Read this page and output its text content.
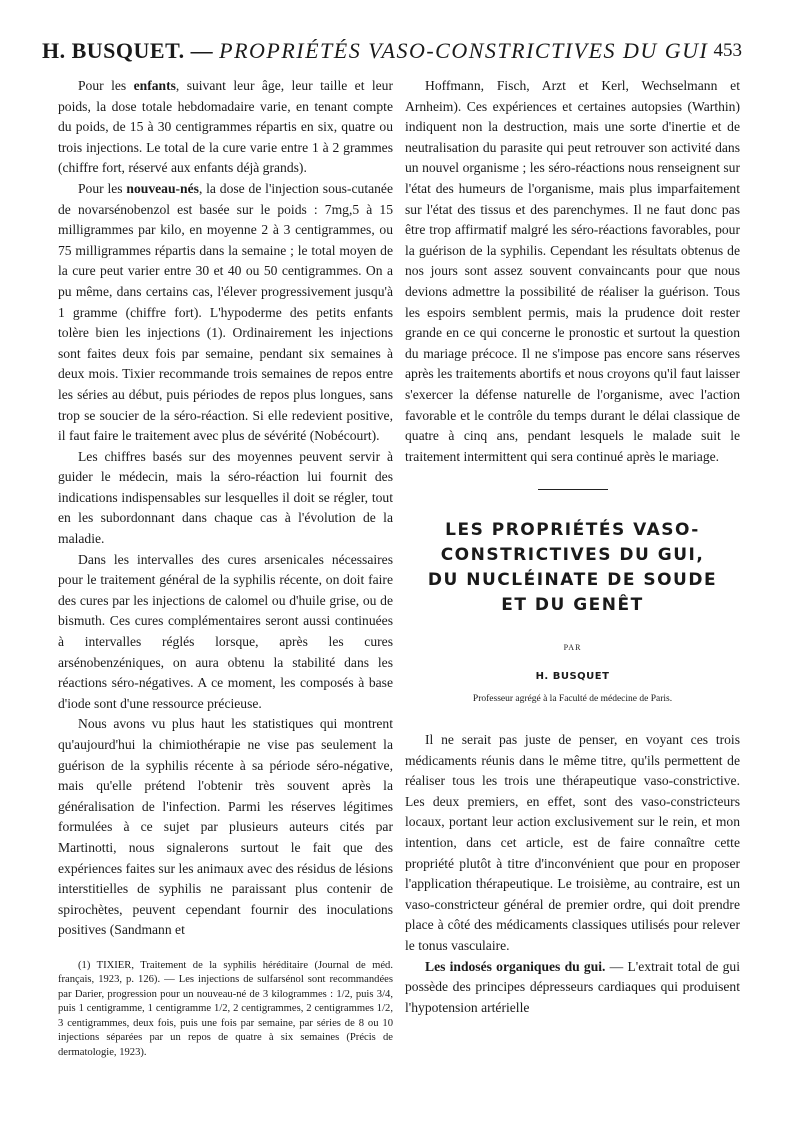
H. BUSQUET. — PROPRIÉTÉS VASO-CONSTRICTIVES DU GUI 453

Pour les enfants, suivant leur âge, leur taille et leur poids, la dose totale hebdomadaire varie, en tenant compte du poids, de 15 à 30 centigrammes répartis en six, quatre ou trois injections. Le total de la cure varie entre 1 à 2 grammes (chiffre fort, réservé aux enfants déjà grands).

Pour les nouveau-nés, la dose de l'injection sous-cutanée de novarsénobenzol est basée sur le poids : 7mg,5 à 15 milligrammes par kilo, en moyenne 2 à 3 centigrammes, ou 75 milligrammes répartis dans la semaine ; le total moyen de la cure peut varier entre 30 et 40 ou 50 centigrammes. On a pu même, dans certains cas, l'élever progressivement jusqu'à 1 gramme (chiffre fort). L'hypoderme des petits enfants tolère bien les injections (1). Ordinairement les injections sont faites deux fois par semaine, pendant six semaines à deux mois. Tixier recommande trois semaines de repos entre les séries au début, puis périodes de repos plus longues, sans trop se soucier de la séro-réaction. Si elle redevient positive, il faut faire le traitement avec plus de sévérité (Nobécourt).

Les chiffres basés sur des moyennes peuvent servir à guider le médecin, mais la séro-réaction lui fournit des indications indispensables sur lesquelles il doit se régler, tout en les subordonnant dans chaque cas à l'évolution de la maladie.

Dans les intervalles des cures arsenicales nécessaires pour le traitement général de la syphilis récente, on doit faire des cures par les injections de calomel ou d'huile grise, ou de bismuth. Ces cures complémentaires seront aussi continuées à intervalles réglés lorsque, après les cures arsénobenzéniques, on aura obtenu la stabilité dans les réactions séro-négatives. A ce moment, les composés à base d'iode sont d'une ressource précieuse.

Nous avons vu plus haut les statistiques qui montrent qu'aujourd'hui la chimiothérapie ne vise pas seulement la guérison de la syphilis récente à sa période séro-négative, mais qu'elle prétend l'obtenir très souvent après la généralisation de l'infection. Parmi les réserves légitimes formulées à ce sujet par plusieurs auteurs cités par Martinotti, nous signalerons surtout le fait que des expériences faites sur les animaux avec des résidus de lésions interstitielles de syphilis ne paraissant plus contenir de spirochètes, peuvent cependant fournir des inoculations positives (Sandmann et

(1) TIXIER, Traitement de la syphilis héréditaire (Journal de méd. français, 1923, p. 126). — Les injections de sulfarsénol sont recommandées par Darier, progression pour un nouveau-né de 3 kilogrammes : 1/2, puis 3/4, puis 1 centigramme, 1 centigramme 1/2, 2 centigrammes, 2 centigrammes 1/2, 3 centigrammes, deux fois, puis une fois par semaine, par séries de 8 ou 10 injections séparées par un repos de quatre à six semaines (Précis de dermatologie, 1923).

Hoffmann, Fisch, Arzt et Kerl, Wechselmann et Arnheim). Ces expériences et certaines autopsies (Warthin) indiquent non la destruction, mais une sorte d'inertie et de neutralisation du parasite qui peut retrouver son activité dans un nouvel organisme ; les séro-réactions nous renseignent sur l'état des humeurs de l'organisme, mais plus imparfaitement sur l'état des tissus et des parenchymes. Il ne faut donc pas être trop affirmatif malgré les séro-réactions favorables, pour la guérison de la syphilis. Cependant les résultats obtenus de nos jours sont assez souvent convaincants pour que nous devions admettre la possibilité de réaliser la guérison. Tous les espoirs semblent permis, mais la prudence doit rester grande en ce qui concerne le pronostic et surtout la question du mariage précoce. Il ne s'impose pas encore sans réserves après les traitements abortifs et nous croyons qu'il faut laisser s'exercer la défense naturelle de l'organisme, avec l'action favorable et le contrôle du temps durant le délai classique de quatre à cinq ans, pendant lesquels le malade suit le traitement intermittent qui sera continué après le mariage.

LES PROPRIÉTÉS VASO-
CONSTRICTIVES DU GUI,
DU NUCLÉINATE DE SOUDE
ET DU GENÊT
PAR
H. BUSQUET
Professeur agrégé à la Faculté de médecine de Paris.

Il ne serait pas juste de penser, en voyant ces trois médicaments réunis dans le même titre, qu'ils permettent de réaliser tous les trois une thérapeutique vaso-constrictive. Les deux premiers, en effet, sont des vaso-constricteurs locaux, portant leur action exclusivement sur le rein, et mon intention, dans cet article, est de faire connaître cette propriété plutôt à titre d'inconvénient que pour en proposer l'application thérapeutique. Le troisième, au contraire, est un vaso-constricteur général de premier ordre, qui doit prendre place à côté des médicaments classiques utilisés pour relever le tonus vasculaire.

Les indosés organiques du gui. — L'extrait total de gui possède des principes dépresseurs cardiaques qui produisent l'hypotension artérielle
